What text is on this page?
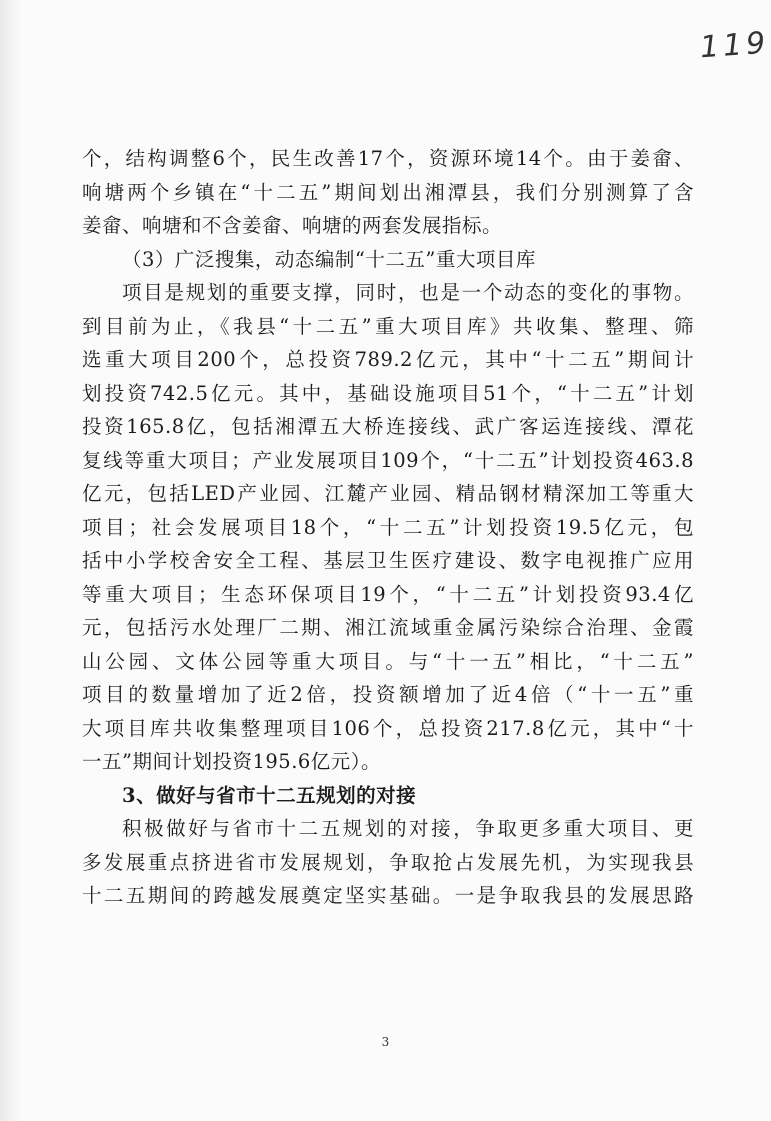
119
个，结构调整6个，民生改善17个，资源环境14个。由于姜畲、
响塘两个乡镇在“十二五”期间划出湘潭县，我们分别测算了含
姜畲、响塘和不含姜畲、响塘的两套发展指标。
（3）广泛搜集，动态编制“十二五”重大项目库
项目是规划的重要支撑，同时，也是一个动态的变化的事物。
到目前为止，《我县“十二五”重大项目库》共收集、整理、筛
选重大项目200个，总投资789.2亿元，其中“十二五”期间计
划投资742.5亿元。其中，基础设施项目51个，“十二五”计划
投资165.8亿，包括湘潭五大桥连接线、武广客运连接线、潭花
复线等重大项目；产业发展项目109个，“十二五”计划投资463.8
亿元，包括LED产业园、江麓产业园、精品钢材精深加工等重大
项目；社会发展项目18个，“十二五”计划投资19.5亿元，包
括中小学校舍安全工程、基层卫生医疗建设、数字电视推广应用
等重大项目；生态环保项目19个，“十二五”计划投资93.4亿
元，包括污水处理厂二期、湘江流域重金属污染综合治理、金霞
山公园、文体公园等重大项目。与“十一五”相比，“十二五”
项目的数量增加了近2倍，投资额增加了近4倍（“十一五”重
大项目库共收集整理项目106个，总投资217.8亿元，其中“十
一五”期间计划投资195.6亿元）。
3、做好与省市十二五规划的对接
积极做好与省市十二五规划的对接，争取更多重大项目、更
多发展重点挤进省市发展规划，争取抢占发展先机，为实现我县
十二五期间的跨越发展奠定坚实基础。一是争取我县的发展思路
3
